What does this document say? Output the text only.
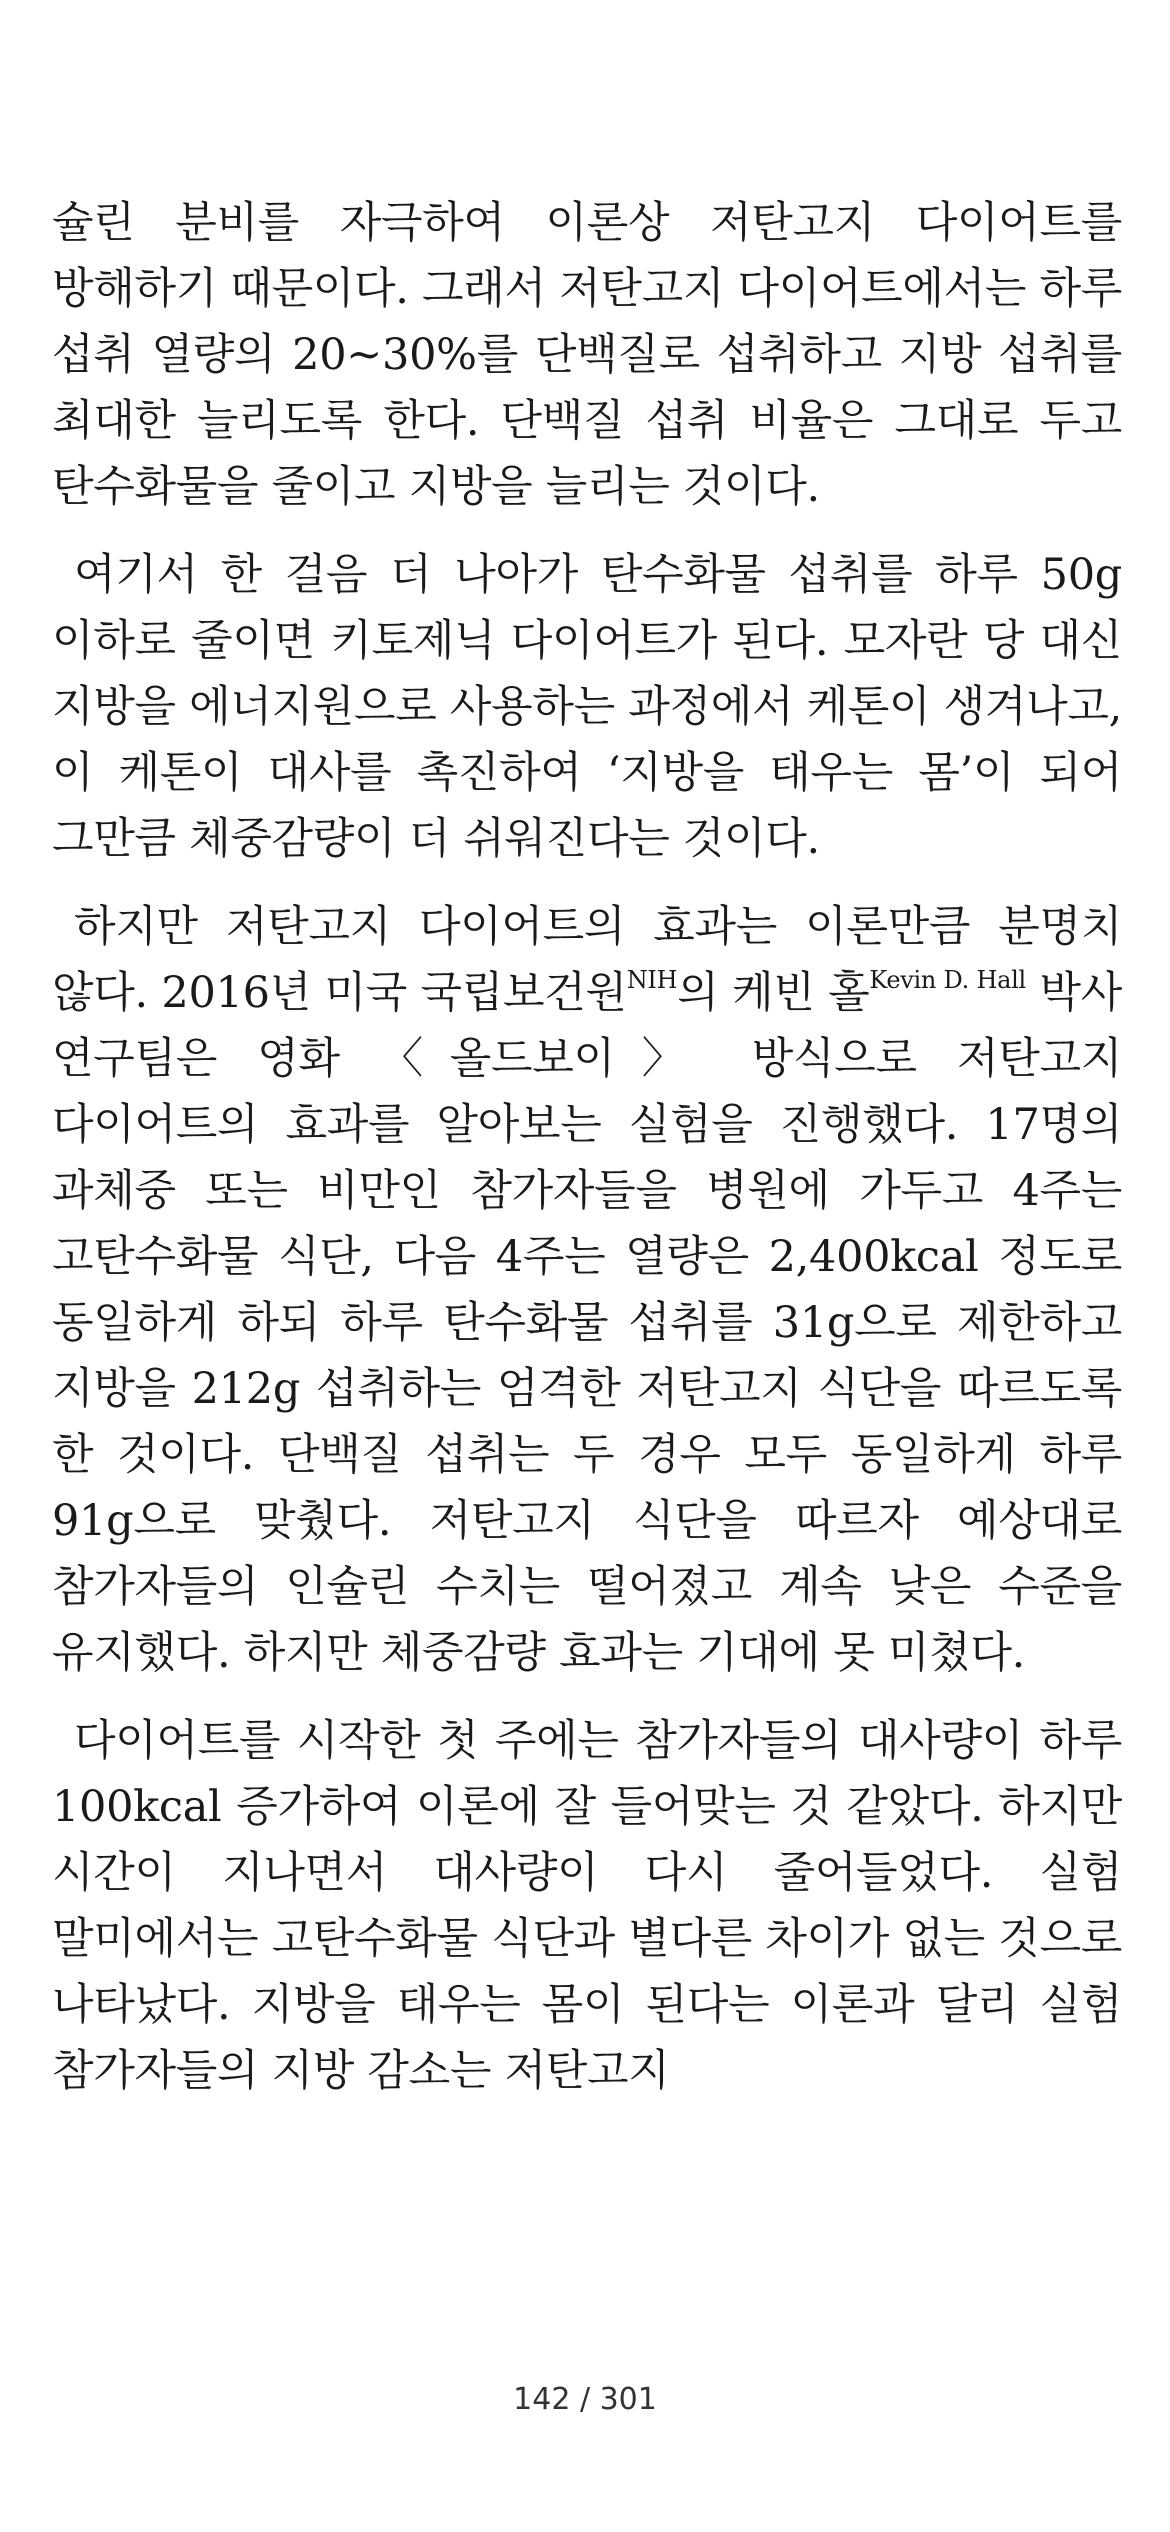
슐린 분비를 자극하여 이론상 저탄고지 다이어트를 방해하기 때문이다. 그래서 저탄고지 다이어트에서는 하루 섭취 열량의 20~30%를 단백질로 섭취하고 지방 섭취를 최대한 늘리도록 한다. 단백질 섭취 비율은 그대로 두고 탄수화물을 줄이고 지방을 늘리는 것이다.

여기서 한 걸음 더 나아가 탄수화물 섭취를 하루 50g 이하로 줄이면 키토제닉 다이어트가 된다. 모자란 당 대신 지방을 에너지원으로 사용하는 과정에서 케톤이 생겨나고, 이 케톤이 대사를 촉진하여 ‘지방을 태우는 몸’이 되어 그만큼 체중감량이 더 쉬워진다는 것이다.

하지만 저탄고지 다이어트의 효과는 이론만큼 분명치 않다. 2016년 미국 국립보건원$^{NIH}$의 케빈 홀$^{Kevin D. Hall}$ 박사 연구팀은 영화 〈올드보이〉 방식으로 저탄고지 다이어트의 효과를 알아보는 실험을 진행했다. 17명의 과체중 또는 비만인 참가자들을 병원에 가두고 4주는 고탄수화물 식단, 다음 4주는 열량은 2,400kcal 정도로 동일하게 하되 하루 탄수화물 섭취를 31g으로 제한하고 지방을 212g 섭취하는 엄격한 저탄고지 식단을 따르도록 한 것이다. 단백질 섭취는 두 경우 모두 동일하게 하루 91g으로 맞췄다. 저탄고지 식단을 따르자 예상대로 참가자들의 인슐린 수치는 떨어졌고 계속 낮은 수준을 유지했다. 하지만 체중감량 효과는 기대에 못 미쳤다.

다이어트를 시작한 첫 주에는 참가자들의 대사량이 하루 100kcal 증가하여 이론에 잘 들어맞는 것 같았다. 하지만 시간이 지나면서 대사량이 다시 줄어들었다. 실험 말미에서는 고탄수화물 식단과 별다른 차이가 없는 것으로 나타났다. 지방을 태우는 몸이 된다는 이론과 달리 실험 참가자들의 지방 감소는 저탄고지

142 / 301
